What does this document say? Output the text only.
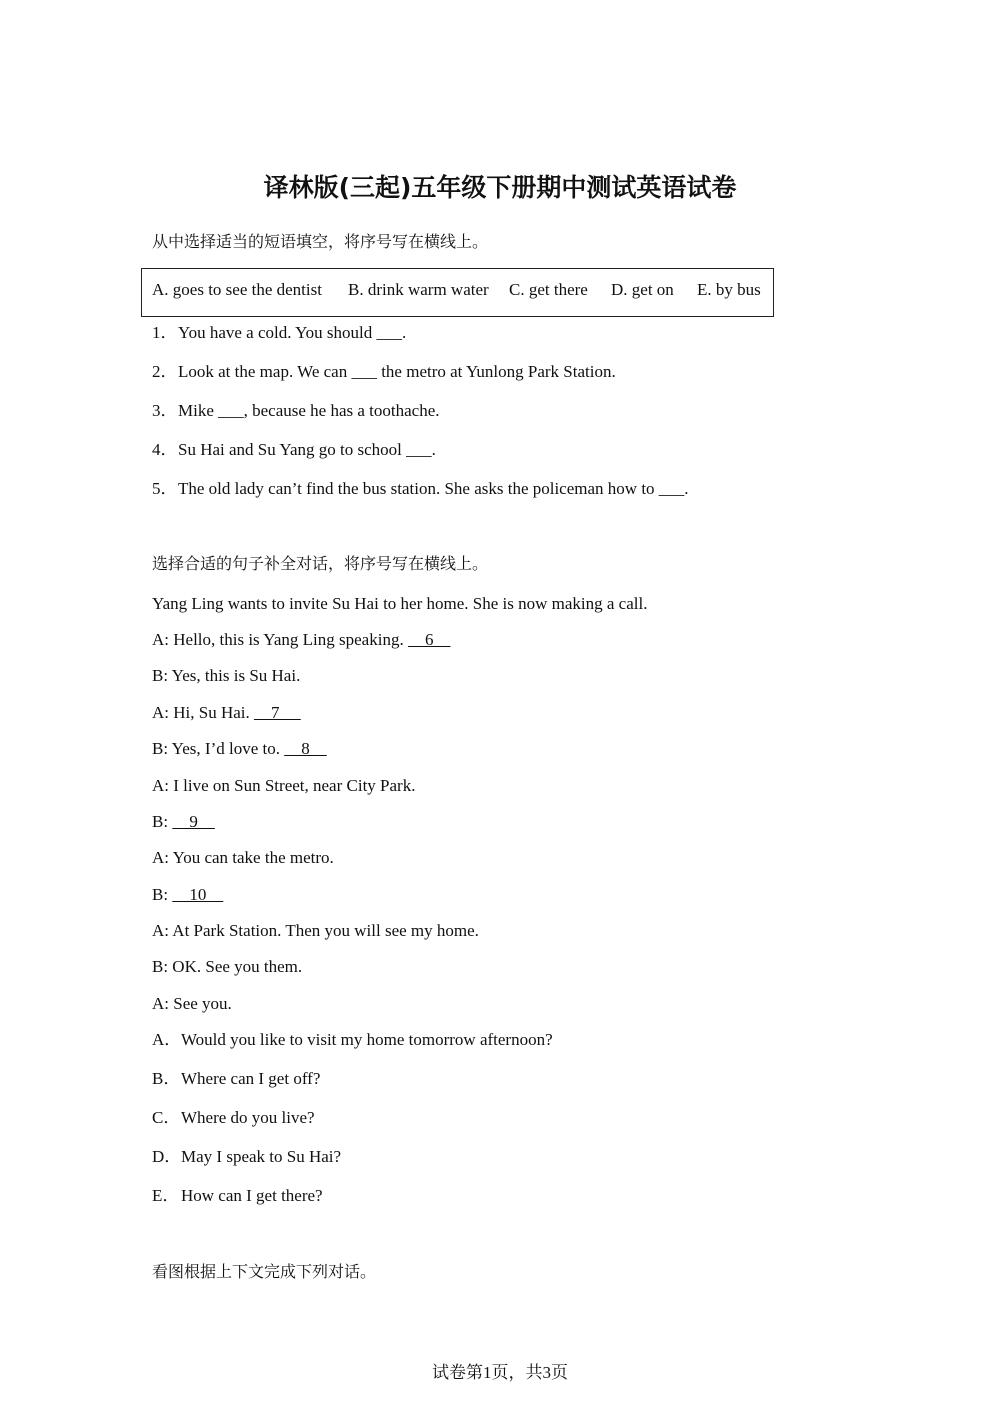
译林版(三起)五年级下册期中测试英语试卷
从中选择适当的短语填空，将序号写在横线上。
A. goes to see the dentist B. drink warm water C. get there D. get on E. by bus
1．You have a cold. You should ___.
2．Look at the map. We can ___ the metro at Yunlong Park Station.
3．Mike ___, because he has a toothache.
4．Su Hai and Su Yang go to school ___.
5．The old lady can’t find the bus station. She asks the policeman how to ___.
选择合适的句子补全对话，将序号写在横线上。
Yang Ling wants to invite Su Hai to her home. She is now making a call.
A: Hello, this is Yang Ling speaking.     6
B: Yes, this is Su Hai.
A: Hi, Su Hai.     7
B: Yes, I’d love to.     8
A: I live on Sun Street, near City Park.
B:     9
A: You can take the metro.
B:     10
A: At Park Station. Then you will see my home.
B: OK. See you them.
A: See you.
A．Would you like to visit my home tomorrow afternoon?
B．Where can I get off?
C．Where do you live?
D．May I speak to Su Hai?
E．How can I get there?
看图根据上下文完成下列对话。
试卷第1页，共3页
